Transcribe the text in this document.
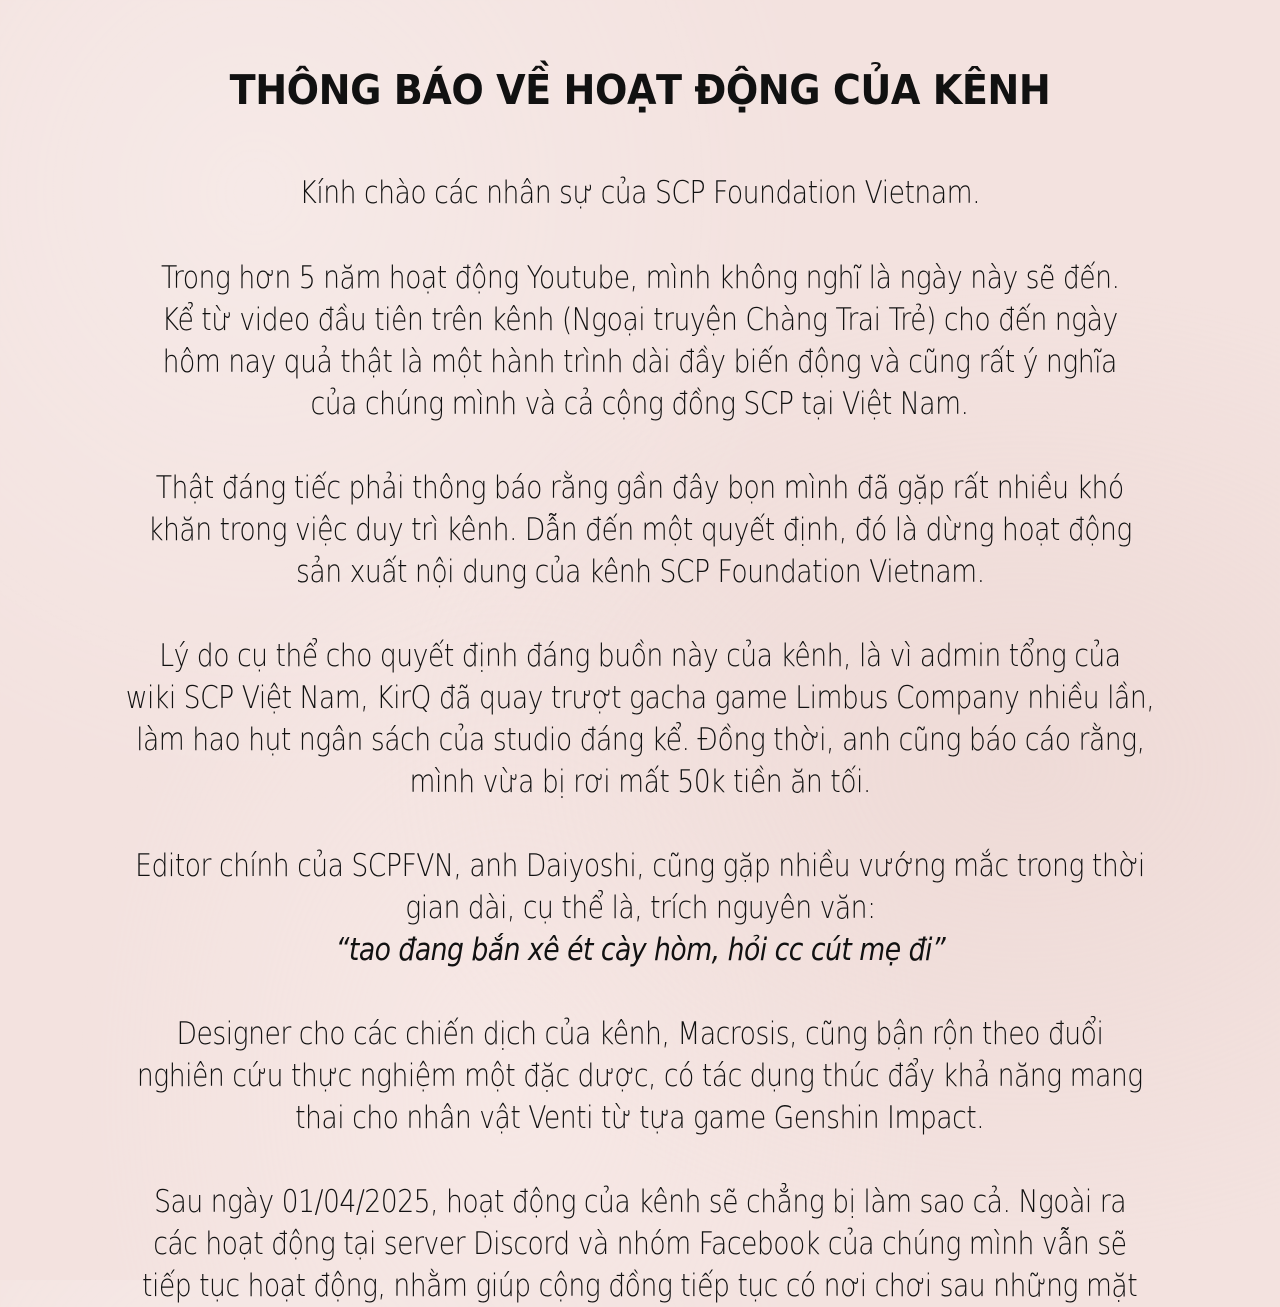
THÔNG BÁO VỀ HOẠT ĐỘNG CỦA KÊNH
Kính chào các nhân sự của SCP Foundation Vietnam.
Trong hơn 5 năm hoạt động Youtube, mình không nghĩ là ngày này sẽ đến.
Kể từ video đầu tiên trên kênh (Ngoại truyện Chàng Trai Trẻ) cho đến ngày
hôm nay quả thật là một hành trình dài đầy biến động và cũng rất ý nghĩa
của chúng mình và cả cộng đồng SCP tại Việt Nam.
Thật đáng tiếc phải thông báo rằng gần đây bọn mình đã gặp rất nhiều khó
khăn trong việc duy trì kênh. Dẫn đến một quyết định, đó là dừng hoạt động
sản xuất nội dung của kênh SCP Foundation Vietnam.
Lý do cụ thể cho quyết định đáng buồn này của kênh, là vì admin tổng của
wiki SCP Việt Nam, KirQ đã quay trượt gacha game Limbus Company nhiều lần,
làm hao hụt ngân sách của studio đáng kể. Đồng thời, anh cũng báo cáo rằng,
mình vừa bị rơi mất 50k tiền ăn tối.
Editor chính của SCPFVN, anh Daiyoshi, cũng gặp nhiều vướng mắc trong thời
gian dài, cụ thể là, trích nguyên văn:
“tao đang bắn xê ét cày hòm, hỏi cc cút mẹ đi”
Designer cho các chiến dịch của kênh, Macrosis, cũng bận rộn theo đuổi
nghiên cứu thực nghiệm một đặc dược, có tác dụng thúc đẩy khả năng mang
thai cho nhân vật Venti từ tựa game Genshin Impact.
Sau ngày 01/04/2025, hoạt động của kênh sẽ chẳng bị làm sao cả. Ngoài ra
các hoạt động tại server Discord và nhóm Facebook của chúng mình vẫn sẽ
tiếp tục hoạt động, nhằm giúp cộng đồng tiếp tục có nơi chơi sau những mặt
